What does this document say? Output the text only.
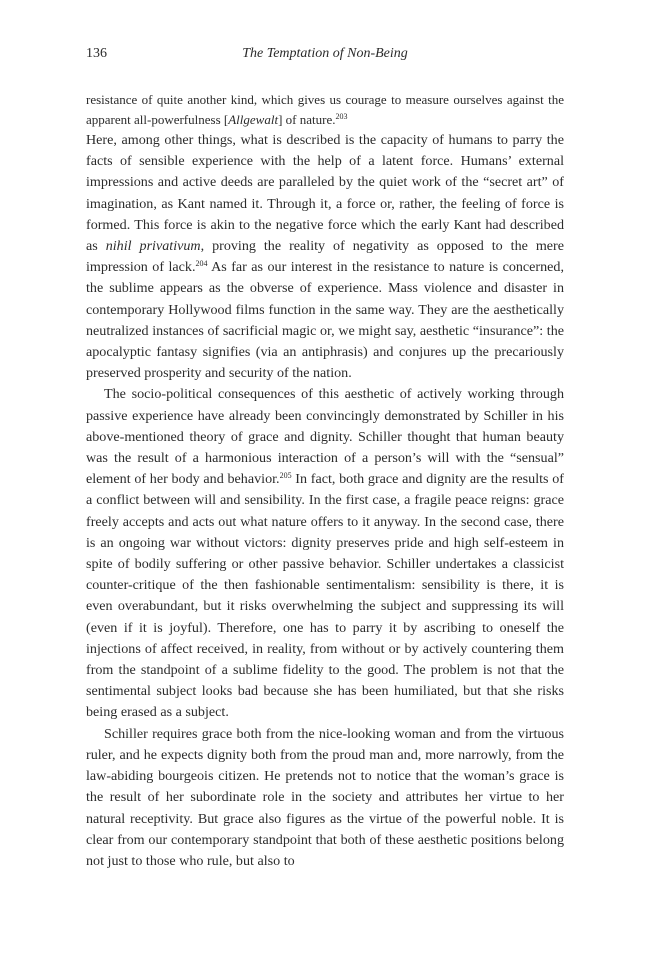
136	The Temptation of Non-Being

resistance of quite another kind, which gives us courage to measure ourselves against the apparent all-powerfulness [Allgewalt] of nature.$^{203}$

Here, among other things, what is described is the capacity of humans to parry the facts of sensible experience with the help of a latent force. Humans’ external impressions and active deeds are paralleled by the quiet work of the “secret art” of imagination, as Kant named it. Through it, a force or, rather, the feeling of force is formed. This force is akin to the negative force which the early Kant had described as nihil privativum, proving the reality of negativity as opposed to the mere impression of lack.$^{204}$ As far as our interest in the resistance to nature is concerned, the sublime appears as the obverse of experience. Mass violence and disaster in contemporary Hollywood films function in the same way. They are the aesthetically neutralized instances of sacrificial magic or, we might say, aesthetic “insurance”: the apocalyptic fantasy signifies (via an antiphrasis) and conjures up the precariously preserved prosperity and security of the nation.

The socio-political consequences of this aesthetic of actively working through passive experience have already been convincingly demonstrated by Schiller in his above-mentioned theory of grace and dignity. Schiller thought that human beauty was the result of a harmonious interaction of a person’s will with the “sensual” element of her body and behavior.$^{205}$ In fact, both grace and dignity are the results of a conflict between will and sensibility. In the first case, a fragile peace reigns: grace freely accepts and acts out what nature offers to it anyway. In the second case, there is an ongoing war without victors: dignity preserves pride and high self-esteem in spite of bodily suffering or other passive behavior. Schiller undertakes a classicist counter-critique of the then fashionable sentimentalism: sensibility is there, it is even overabundant, but it risks overwhelming the subject and suppressing its will (even if it is joyful). Therefore, one has to parry it by ascribing to oneself the injections of affect received, in reality, from without or by actively countering them from the standpoint of a sublime fidelity to the good. The problem is not that the sentimental subject looks bad because she has been humiliated, but that she risks being erased as a subject.

Schiller requires grace both from the nice-looking woman and from the virtuous ruler, and he expects dignity both from the proud man and, more narrowly, from the law-abiding bourgeois citizen. He pretends not to notice that the woman’s grace is the result of her subordinate role in the society and attributes her virtue to her natural receptivity. But grace also figures as the virtue of the powerful noble. It is clear from our contemporary standpoint that both of these aesthetic positions belong not just to those who rule, but also to
